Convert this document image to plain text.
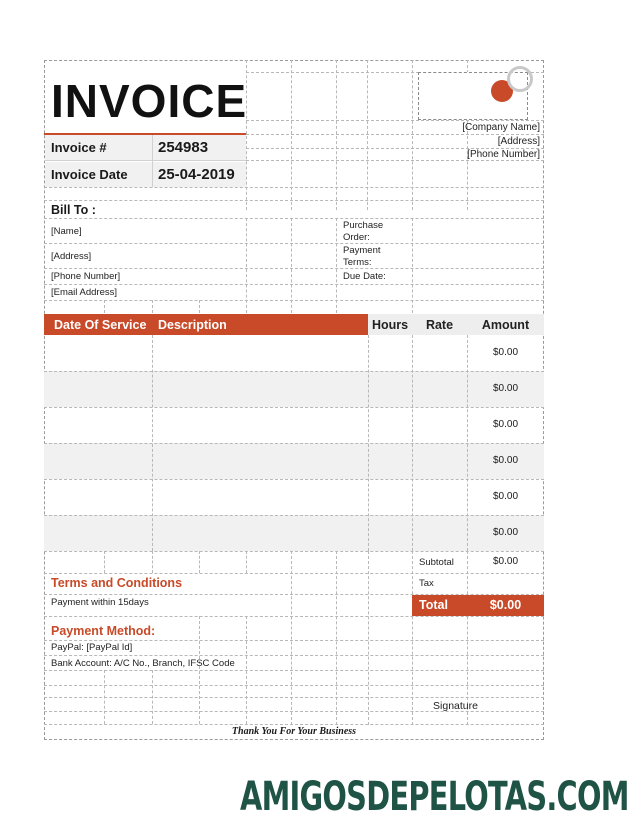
INVOICE
[Company Name]
[Address]
[Phone Number]
Invoice #	254983
Invoice Date	25-04-2019
Bill To :
[Name]
[Address]
[Phone Number]
[Email Address]
Purchase Order:
Payment Terms:
Due Date:
Date Of Service Description	Hours	Rate	Amount
$0.00
$0.00
$0.00
$0.00
$0.00
$0.00
Subtotal	$0.00
Tax
Total	$0.00
Terms and Conditions
Payment within 15days
Payment Method:
PayPal: [PayPal Id]
Bank Account: A/C No., Branch, IFSC Code
Signature
Thank You For Your Business
AMIGOSDEPELOTAS.COM
